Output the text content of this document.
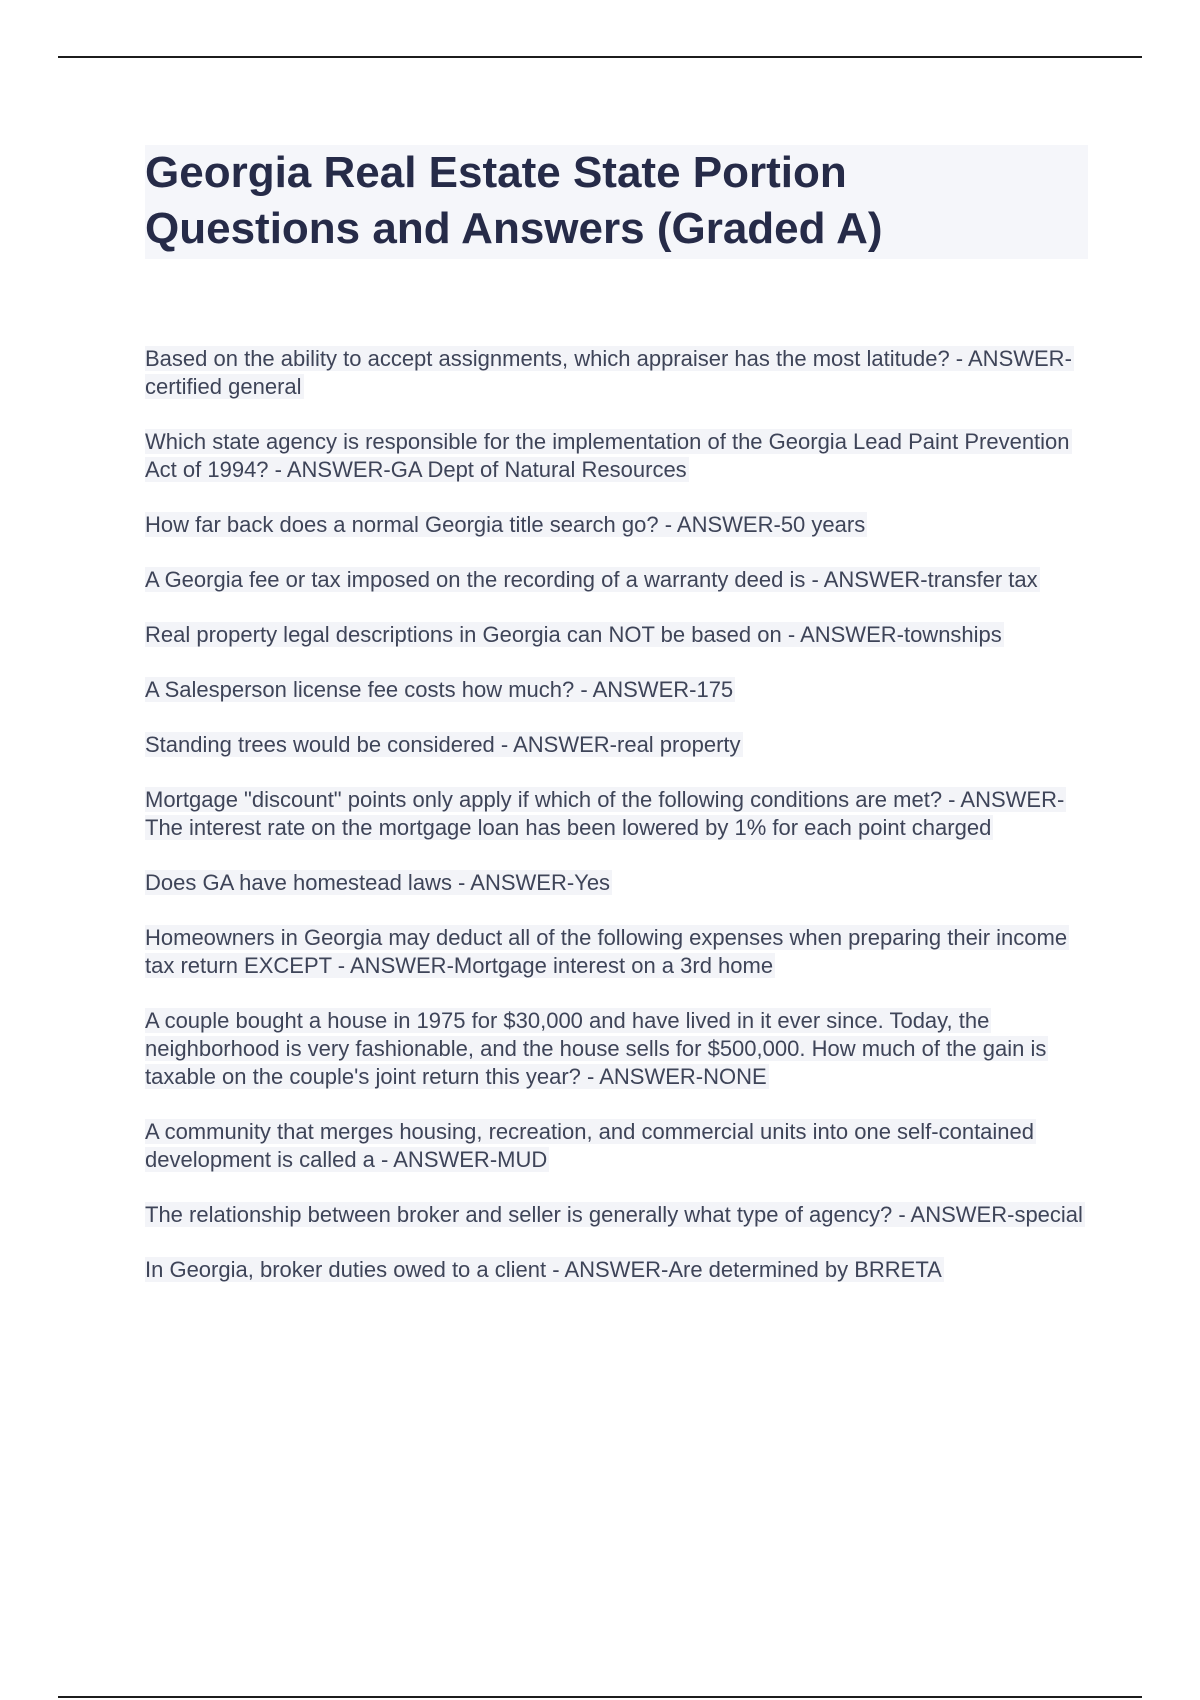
Georgia Real Estate State Portion
Questions and Answers (Graded A)

Based on the ability to accept assignments, which appraiser has the most latitude? - ANSWER-certified general

Which state agency is responsible for the implementation of the Georgia Lead Paint Prevention Act of 1994? - ANSWER-GA Dept of Natural Resources

How far back does a normal Georgia title search go? - ANSWER-50 years

A Georgia fee or tax imposed on the recording of a warranty deed is - ANSWER-transfer tax

Real property legal descriptions in Georgia can NOT be based on - ANSWER-townships

A Salesperson license fee costs how much? - ANSWER-175

Standing trees would be considered - ANSWER-real property

Mortgage "discount" points only apply if which of the following conditions are met? - ANSWER-The interest rate on the mortgage loan has been lowered by 1% for each point charged

Does GA have homestead laws - ANSWER-Yes

Homeowners in Georgia may deduct all of the following expenses when preparing their income tax return EXCEPT - ANSWER-Mortgage interest on a 3rd home

A couple bought a house in 1975 for $30,000 and have lived in it ever since. Today, the neighborhood is very fashionable, and the house sells for $500,000. How much of the gain is taxable on the couple's joint return this year? - ANSWER-NONE

A community that merges housing, recreation, and commercial units into one self-contained development is called a - ANSWER-MUD

The relationship between broker and seller is generally what type of agency? - ANSWER-special

In Georgia, broker duties owed to a client - ANSWER-Are determined by BRRETA
